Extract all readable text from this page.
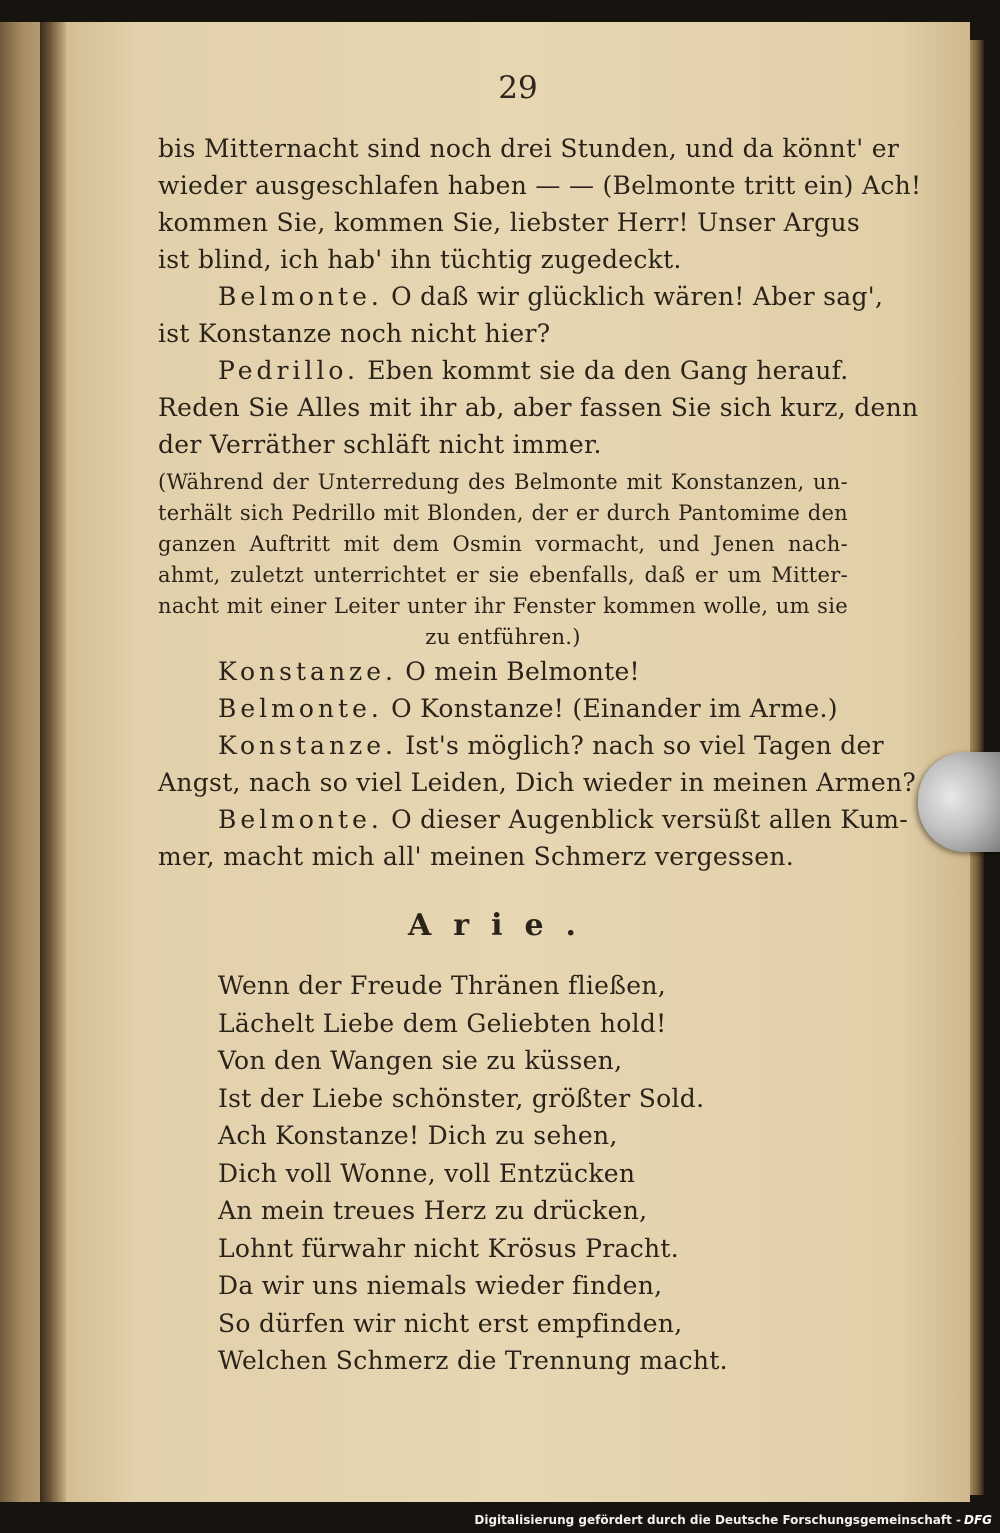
29
bis Mitternacht sind noch drei Stunden, und da könnt' er
wieder ausgeschlafen haben — — (Belmonte tritt ein) Ach!
kommen Sie, kommen Sie, liebster Herr! Unser Argus
ist blind, ich hab' ihn tüchtig zugedeckt.
Belmonte. O daß wir glücklich wären! Aber sag',
ist Konstanze noch nicht hier?
Pedrillo. Eben kommt sie da den Gang herauf.
Reden Sie Alles mit ihr ab, aber fassen Sie sich kurz, denn
der Verräther schläft nicht immer.
(Während der Unterredung des Belmonte mit Konstanzen, un-
terhält sich Pedrillo mit Blonden, der er durch Pantomime den
ganzen Auftritt mit dem Osmin vormacht, und Jenen nach-
ahmt, zuletzt unterrichtet er sie ebenfalls, daß er um Mitter-
nacht mit einer Leiter unter ihr Fenster kommen wolle, um sie
zu entführen.)
Konstanze. O mein Belmonte!
Belmonte. O Konstanze! (Einander im Arme.)
Konstanze. Ist's möglich? nach so viel Tagen der
Angst, nach so viel Leiden, Dich wieder in meinen Armen?
Belmonte. O dieser Augenblick versüßt allen Kum-
mer, macht mich all' meinen Schmerz vergessen.
Arie.
Wenn der Freude Thränen fließen,
Lächelt Liebe dem Geliebten hold!
Von den Wangen sie zu küssen,
Ist der Liebe schönster, größter Sold.
Ach Konstanze! Dich zu sehen,
Dich voll Wonne, voll Entzücken
An mein treues Herz zu drücken,
Lohnt fürwahr nicht Krösus Pracht.
Da wir uns niemals wieder finden,
So dürfen wir nicht erst empfinden,
Welchen Schmerz die Trennung macht.
Digitalisierung gefördert durch die Deutsche Forschungsgemeinschaft - DFG
